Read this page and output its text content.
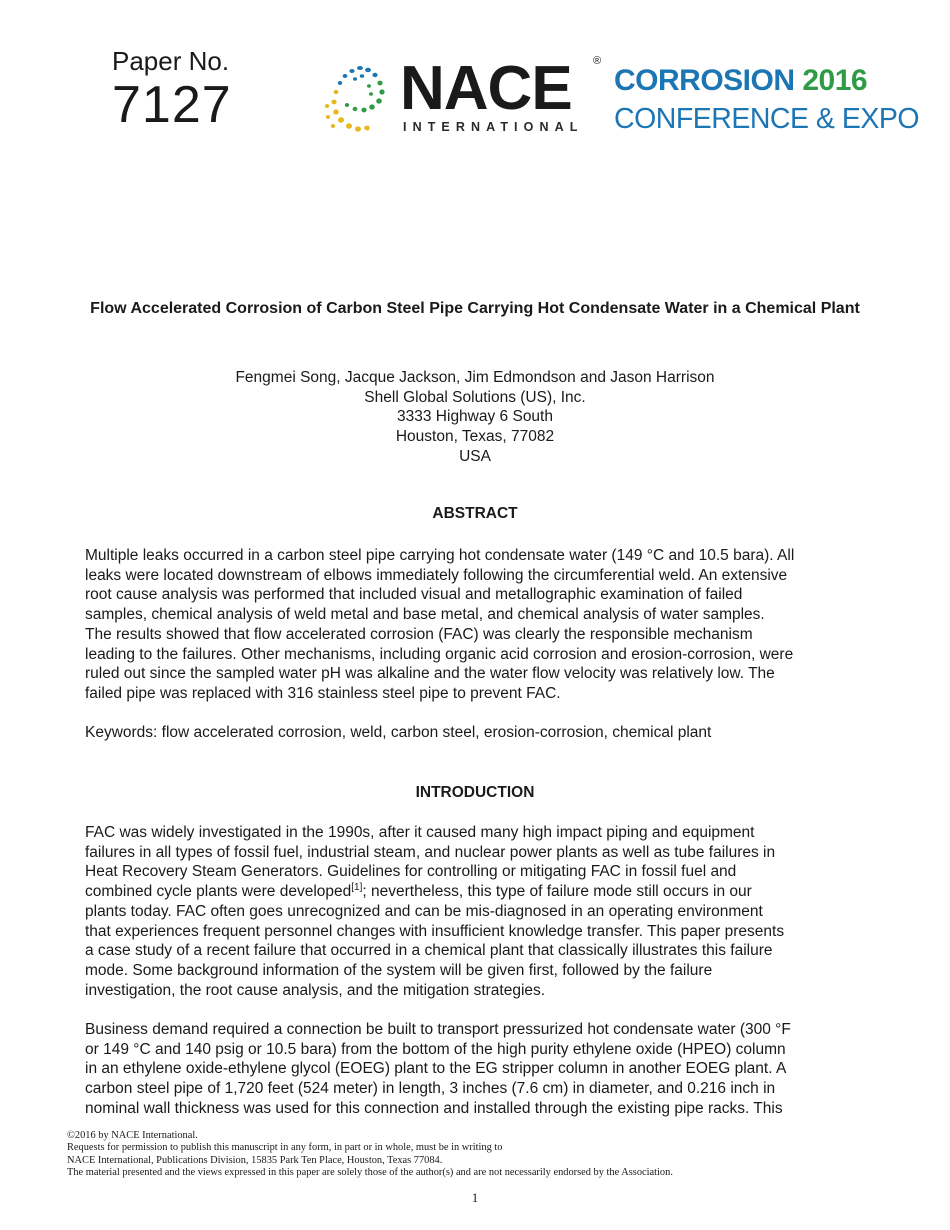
Paper No.
7127	NACE ®
INTERNATIONAL
CORROSION 2016
CONFERENCE & EXPO
Flow Accelerated Corrosion of Carbon Steel Pipe Carrying Hot Condensate Water in a Chemical Plant
Fengmei Song, Jacque Jackson, Jim Edmondson and Jason Harrison
Shell Global Solutions (US), Inc.
3333 Highway 6 South
Houston, Texas, 77082
USA
ABSTRACT
Multiple leaks occurred in a carbon steel pipe carrying hot condensate water (149 °C and 10.5 bara). All
leaks were located downstream of elbows immediately following the circumferential weld. An extensive
root cause analysis was performed that included visual and metallographic examination of failed
samples, chemical analysis of weld metal and base metal, and chemical analysis of water samples.
The results showed that flow accelerated corrosion (FAC) was clearly the responsible mechanism
leading to the failures. Other mechanisms, including organic acid corrosion and erosion-corrosion, were
ruled out since the sampled water pH was alkaline and the water flow velocity was relatively low. The
failed pipe was replaced with 316 stainless steel pipe to prevent FAC.
Keywords: flow accelerated corrosion, weld, carbon steel, erosion-corrosion, chemical plant
INTRODUCTION
FAC was widely investigated in the 1990s, after it caused many high impact piping and equipment
failures in all types of fossil fuel, industrial steam, and nuclear power plants as well as tube failures in
Heat Recovery Steam Generators. Guidelines for controlling or mitigating FAC in fossil fuel and
combined cycle plants were developed[1]; nevertheless, this type of failure mode still occurs in our
plants today. FAC often goes unrecognized and can be mis-diagnosed in an operating environment
that experiences frequent personnel changes with insufficient knowledge transfer. This paper presents
a case study of a recent failure that occurred in a chemical plant that classically illustrates this failure
mode. Some background information of the system will be given first, followed by the failure
investigation, the root cause analysis, and the mitigation strategies.
Business demand required a connection be built to transport pressurized hot condensate water (300 °F
or 149 °C and 140 psig or 10.5 bara) from the bottom of the high purity ethylene oxide (HPEO) column
in an ethylene oxide-ethylene glycol (EOEG) plant to the EG stripper column in another EOEG plant. A
carbon steel pipe of 1,720 feet (524 meter) in length, 3 inches (7.6 cm) in diameter, and 0.216 inch in
nominal wall thickness was used for this connection and installed through the existing pipe racks. This
©2016 by NACE International.
Requests for permission to publish this manuscript in any form, in part or in whole, must be in writing to
NACE International, Publications Division, 15835 Park Ten Place, Houston, Texas 77084.
The material presented and the views expressed in this paper are solely those of the author(s) and are not necessarily endorsed by the Association.
1
